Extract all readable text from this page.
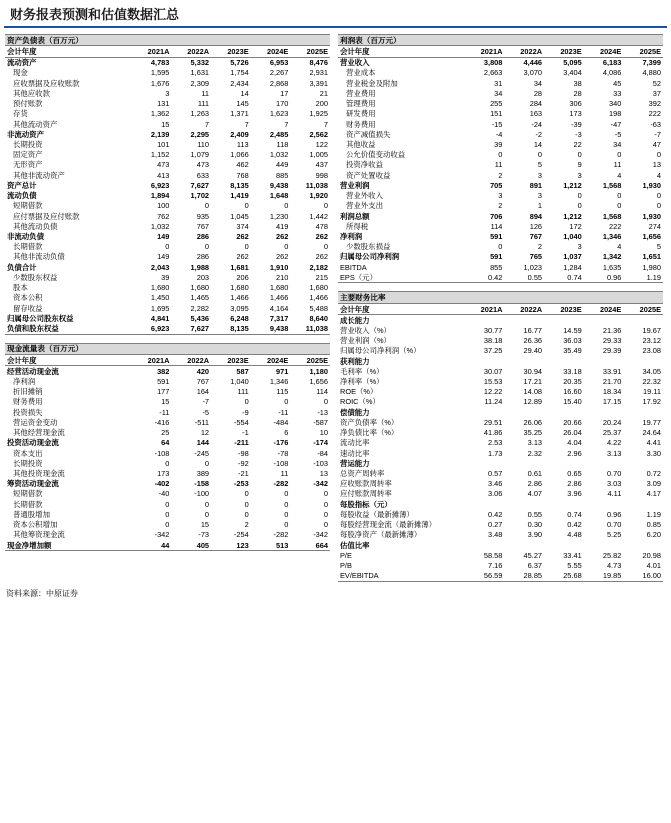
财务报表预测和估值数据汇总
资产负债表（百万元）					
会计年度	2021A	2022A	2023E	2024E	2025E
流动资产	4,783	5,332	5,726	6,953	8,476
现金	1,595	1,631	1,754	2,267	2,931
应收票据及应收账款	1,676	2,309	2,434	2,868	3,391
其他应收款	3	11	14	17	21
预付账款	131	111	145	170	200
存货	1,362	1,263	1,371	1,623	1,925
其他流动资产	15	7	7	7	7
非流动资产	2,139	2,295	2,409	2,485	2,562
长期投资	101	110	113	118	122
固定资产	1,152	1,079	1,066	1,032	1,005
无形资产	473	473	462	449	437
其他非流动资产	413	633	768	885	998
资产总计	6,923	7,627	8,135	9,438	11,038
流动负债	1,894	1,702	1,419	1,648	1,920
短期借款	100	0	0	0	0
应付票据及应付账款	762	935	1,045	1,230	1,442
其他流动负债	1,032	767	374	419	478
非流动负债	149	286	262	262	262
长期借款	0	0	0	0	0
其他非流动负债	149	286	262	262	262
负债合计	2,043	1,988	1,681	1,910	2,182
少数股东权益	39	203	206	210	215
股本	1,680	1,680	1,680	1,680	1,680
资本公积	1,450	1,465	1,466	1,466	1,466
留存收益	1,695	2,282	3,095	4,164	5,488
归属母公司股东权益	4,841	5,436	6,248	7,317	8,640
负债和股东权益	6,923	7,627	8,135	9,438	11,038
现金流量表（百万元）					
会计年度	2021A	2022A	2023E	2024E	2025E
经营活动现金流	382	420	587	971	1,180
净利润	591	767	1,040	1,346	1,656
折旧摊销	177	164	111	115	114
财务费用	15	-7	0	0	0
投资损失	-11	-5	-9	-11	-13
营运资金变动	-416	-511	-554	-484	-587
其他经营现金流	25	12	-1	6	10
投资活动现金流	64	144	-211	-176	-174
资本支出	-108	-245	-98	-78	-84
长期投资	0	0	-92	-108	-103
其他投资现金流	173	389	-21	11	13
筹资活动现金流	-402	-158	-253	-282	-342
短期借款	-40	-100	0	0	0
长期借款	0	0	0	0	0
普通股增加	0	0	0	0	0
资本公积增加	0	15	2	0	0
其他筹资现金流	-342	-73	-254	-282	-342
现金净增加额	44	405	123	513	664
利润表（百万元）					
会计年度	2021A	2022A	2023E	2024E	2025E
营业收入	3,808	4,446	5,095	6,183	7,399
营业成本	2,663	3,070	3,404	4,086	4,880
营业税金及附加	31	34	38	45	52
营业费用	34	28	28	33	37
管理费用	255	284	306	340	392
研发费用	151	163	173	198	222
财务费用	-15	-24	-39	-47	-63
资产减值损失	-4	-2	-3	-5	-7
其他收益	39	14	22	34	47
公允价值变动收益	0	0	0	0	0
投资净收益	11	5	9	11	13
资产处置收益	2	3	3	4	4
营业利润	705	891	1,212	1,568	1,930
营业外收入	3	3	0	0	0
营业外支出	2	1	0	0	0
利润总额	706	894	1,212	1,568	1,930
所得税	114	126	172	222	274
净利润	591	767	1,040	1,346	1,656
少数股东损益	0	2	3	4	5
归属母公司净利润	591	765	1,037	1,342	1,651
EBITDA	855	1,023	1,284	1,635	1,980
EPS（元）	0.42	0.55	0.74	0.96	1.19
主要财务比率					
会计年度	2021A	2022A	2023E	2024E	2025E
成长能力					
营业收入（%）	30.77	16.77	14.59	21.36	19.67
营业利润（%）	38.18	26.36	36.03	29.33	23.12
归属母公司净利润（%）	37.25	29.40	35.49	29.39	23.08
获利能力					
毛利率（%）	30.07	30.94	33.18	33.91	34.05
净利率（%）	15.53	17.21	20.35	21.70	22.32
ROE（%）	12.22	14.08	16.60	18.34	19.11
ROIC（%）	11.24	12.89	15.40	17.15	17.92
偿债能力					
资产负债率（%）	29.51	26.06	20.66	20.24	19.77
净负债比率（%）	41.86	35.25	26.04	25.37	24.64
流动比率	2.53	3.13	4.04	4.22	4.41
速动比率	1.73	2.32	2.96	3.13	3.30
营运能力					
总资产周转率	0.57	0.61	0.65	0.70	0.72
应收账款周转率	3.46	2.86	2.86	3.03	3.09
应付账款周转率	3.06	4.07	3.96	4.11	4.17
每股指标（元）					
每股收益（最新摊薄）	0.42	0.55	0.74	0.96	1.19
每股经营现金流（最新摊薄）	0.27	0.30	0.42	0.70	0.85
每股净资产（最新摊薄）	3.48	3.90	4.48	5.25	6.20
估值比率					
P/E	58.58	45.27	33.41	25.82	20.98
P/B	7.16	6.37	5.55	4.73	4.01
EV/EBITDA	56.59	28.85	25.68	19.85	16.00
资料来源：中原证券
